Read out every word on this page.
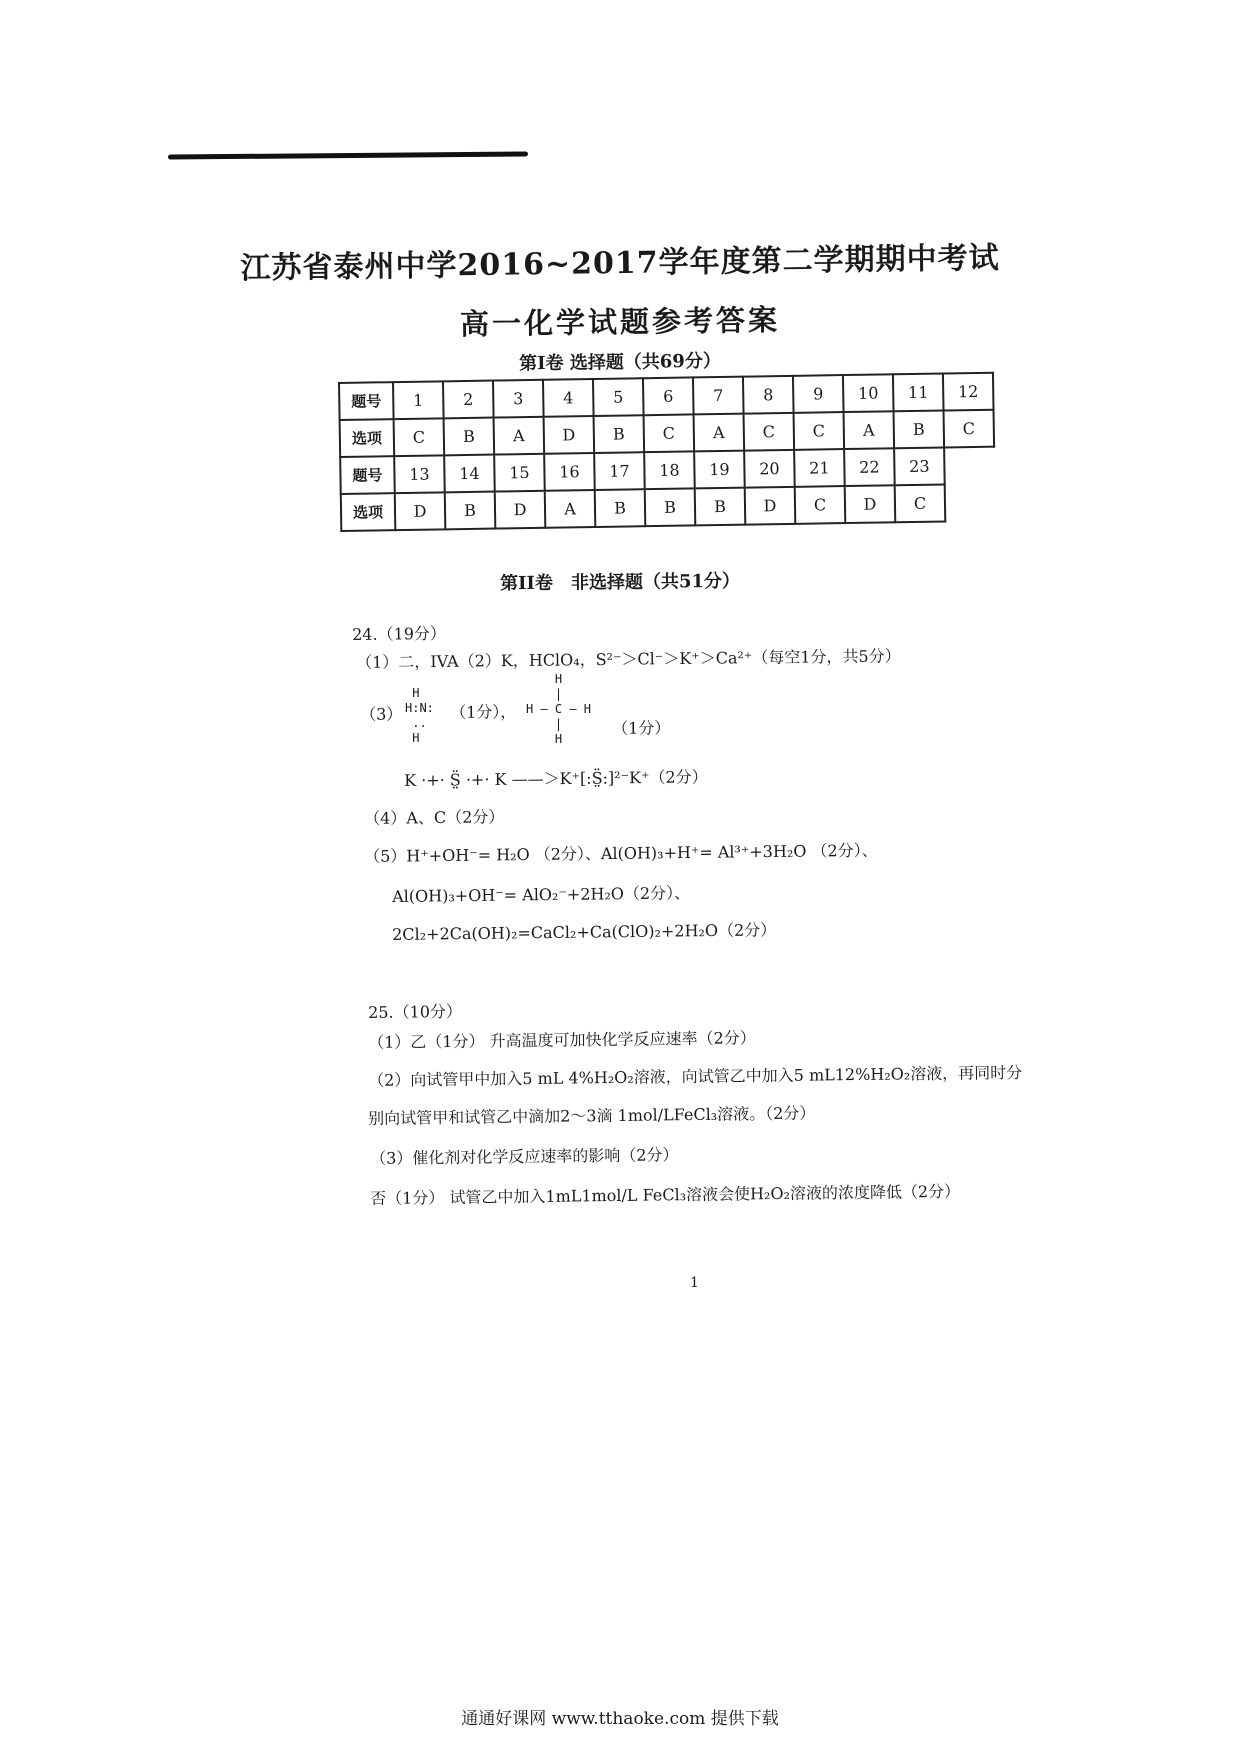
江苏省泰州中学2016~2017学年度第二学期期中考试
高一化学试题参考答案
第I卷 选择题（共69分）
题号	1	2	3	4	5	6	7	8	9	10	11	12
选项	C	B	A	D	B	C	A	C	C	A	B	C
题号	13	14	15	16	17	18	19	20	21	22	23	
选项	D	B	D	A	B	B	B	D	C	D	C	
第II卷　非选择题（共51分）
24.（19分）
（1）二，IVA（2）K，HClO₄，S²⁻＞Cl⁻＞K⁺＞Ca²⁺（每空1分，共5分）
（3）
H
H:N:
..
H
（1分），
H
|
H — C — H
|
H
（1分）
K ·+· S̤̈ ·+· K ——＞K⁺[:S̤̈:]²⁻K⁺（2分）
（4）A、C（2分）
（5）H⁺+OH⁻= H₂O （2分）、Al(OH)₃+H⁺= Al³⁺+3H₂O （2分）、
Al(OH)₃+OH⁻= AlO₂⁻+2H₂O（2分）、
2Cl₂+2Ca(OH)₂=CaCl₂+Ca(ClO)₂+2H₂O（2分）
25.（10分）
（1）乙（1分） 升高温度可加快化学反应速率（2分）
（2）向试管甲中加入5 mL 4%H₂O₂溶液，向试管乙中加入5 mL12%H₂O₂溶液，再同时分
别向试管甲和试管乙中滴加2～3滴 1mol/LFeCl₃溶液。（2分）
（3）催化剂对化学反应速率的影响（2分）
否（1分） 试管乙中加入1mL1mol/L FeCl₃溶液会使H₂O₂溶液的浓度降低（2分）
1
通通好课网 www.tthaoke.com 提供下载
